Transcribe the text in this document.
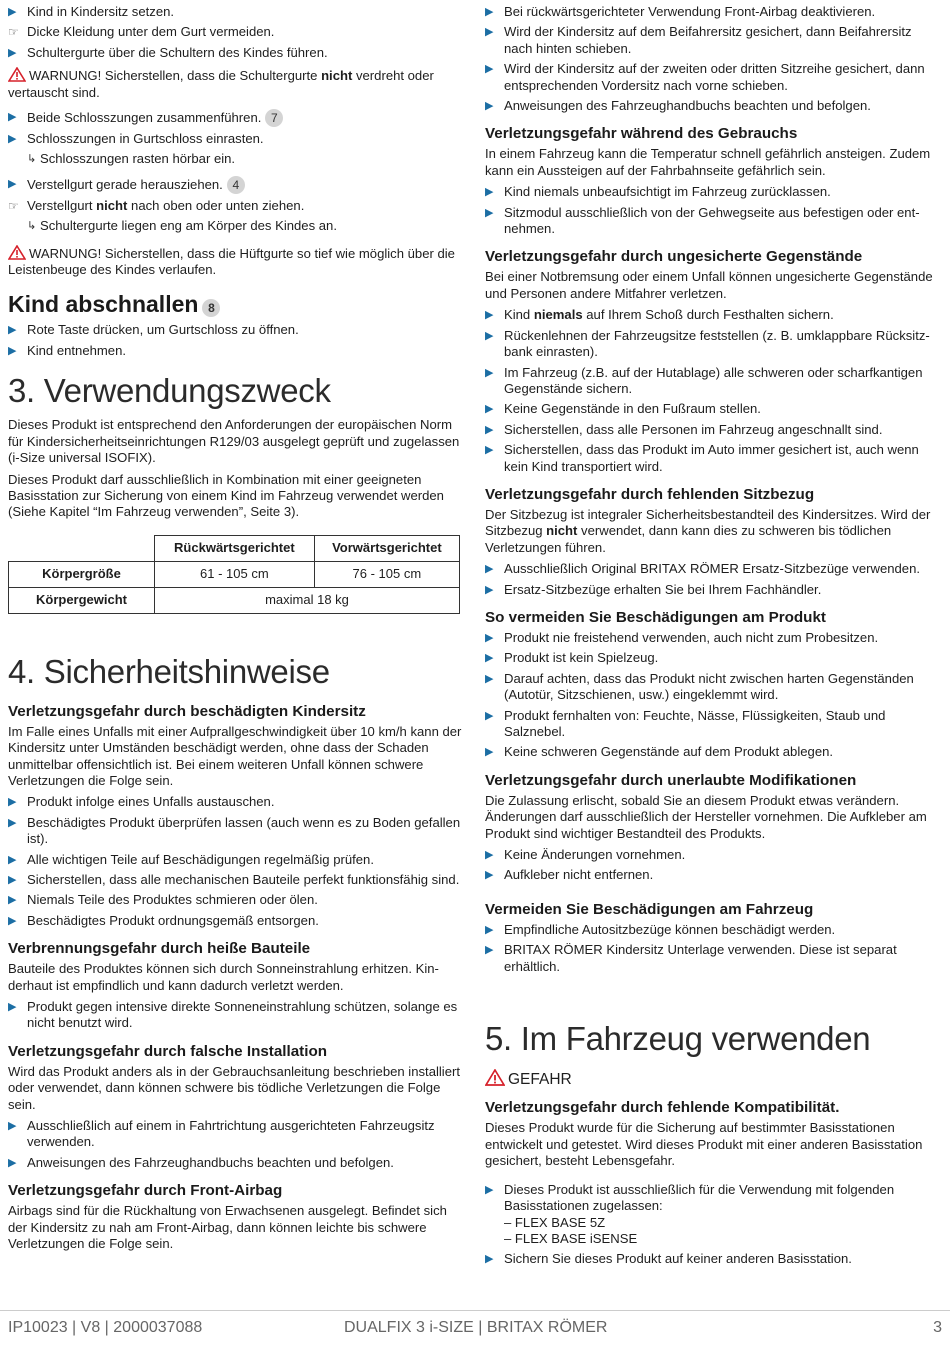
▶ Kind in Kindersitz setzen.
☞ Dicke Kleidung unter dem Gurt vermeiden.
▶ Schultergurte über die Schultern des Kindes führen.

WARNUNG! Sicherstellen, dass die Schultergurte nicht verdreht oder vertauscht sind.

▶ Beide Schlosszungen zusammenführen. 7
▶ Schlosszungen in Gurtschloss einrasten.
↳ Schlosszungen rasten hörbar ein.
▶ Verstellgurt gerade herausziehen. 4
☞ Verstellgurt nicht nach oben oder unten ziehen.
↳ Schultergurte liegen eng am Körper des Kindes an.

WARNUNG! Sicherstellen, dass die Hüftgurte so tief wie möglich über die Leistenbeuge des Kindes verlaufen.

Kind abschnallen 8
▶ Rote Taste drücken, um Gurtschloss zu öffnen.
▶ Kind entnehmen.
3. Verwendungszweck

Dieses Produkt ist entsprechend den Anforderungen der europäischen Norm für Kindersicherheitseinrichtungen R129/03 ausgelegt geprüft und zugelassen (i-Size universal ISOFIX).

Dieses Produkt darf ausschließlich in Kombination mit einer geeigneten Basisstation zur Sicherung von einem Kind im Fahrzeug verwendet werden (Siehe Kapitel “Im Fahrzeug verwenden”, Seite 3).

	Rückwärtsgerichtet	Vorwärtsgerichtet
Körpergröße	61 - 105 cm	76 - 105 cm
Körpergewicht	maximal 18 kg	
4. Sicherheitshinweise
Verletzungsgefahr durch beschädigten Kindersitz

Im Falle eines Unfalls mit einer Aufprallgeschwindigkeit über 10 km/h kann der Kindersitz unter Umständen beschädigt werden, ohne dass der Schaden unmittelbar offensichtlich ist. Bei einem weiteren Unfall können schwere Verletzungen die Folge sein.

▶ Produkt infolge eines Unfalls austauschen.
▶ Beschädigtes Produkt überprüfen lassen (auch wenn es zu Boden gefallen ist).
▶ Alle wichtigen Teile auf Beschädigungen regelmäßig prüfen.
▶ Sicherstellen, dass alle mechanischen Bauteile perfekt funktionsfähig sind.
▶ Niemals Teile des Produktes schmieren oder ölen.
▶ Beschädigtes Produkt ordnungsgemäß entsorgen.
Verbrennungsgefahr durch heiße Bauteile

Bauteile des Produktes können sich durch Sonneinstrahlung erhitzen. Kinderhaut ist empfindlich und kann dadurch verletzt werden.

▶ Produkt gegen intensive direkte Sonneneinstrahlung schützen, solange es nicht benutzt wird.
Verletzungsgefahr durch falsche Installation

Wird das Produkt anders als in der Gebrauchsanleitung beschrieben installiert oder verwendet, dann können schwere bis tödliche Verletzungen die Folge sein.

▶ Ausschließlich auf einem in Fahrtrichtung ausgerichteten Fahrzeugsitz verwenden.
▶ Anweisungen des Fahrzeughandbuchs beachten und befolgen.
Verletzungsgefahr durch Front-Airbag

Airbags sind für die Rückhaltung von Erwachsenen ausgelegt. Befindet sich der Kindersitz zu nah am Front-Airbag, dann können leichte bis schwere Verletzungen die Folge sein.

▶ Bei rückwärtsgerichteter Verwendung Front-Airbag deaktivieren.
▶ Wird der Kindersitz auf dem Beifahrersitz gesichert, dann Beifahrersitz nach hinten schieben.
▶ Wird der Kindersitz auf der zweiten oder dritten Sitzreihe gesichert, dann entsprechenden Vordersitz nach vorne schieben.
▶ Anweisungen des Fahrzeughandbuchs beachten und befolgen.
Verletzungsgefahr während des Gebrauchs

In einem Fahrzeug kann die Temperatur schnell gefährlich ansteigen. Zudem kann ein Aussteigen auf der Fahrbahnseite gefährlich sein.

▶ Kind niemals unbeaufsichtigt im Fahrzeug zurücklassen.
▶ Sitzmodul ausschließlich von der Gehwegseite aus befestigen oder entnehmen.
Verletzungsgefahr durch ungesicherte Gegenstände

Bei einer Notbremsung oder einem Unfall können ungesicherte Gegenstände und Personen andere Mitfahrer verletzen.

▶ Kind niemals auf Ihrem Schoß durch Festhalten sichern.
▶ Rückenlehnen der Fahrzeugsitze feststellen (z. B. umklappbare Rücksitzbank einrasten).
▶ Im Fahrzeug (z.B. auf der Hutablage) alle schweren oder scharfkantigen Gegenstände sichern.
▶ Keine Gegenstände in den Fußraum stellen.
▶ Sicherstellen, dass alle Personen im Fahrzeug angeschnallt sind.
▶ Sicherstellen, dass das Produkt im Auto immer gesichert ist, auch wenn kein Kind transportiert wird.
Verletzungsgefahr durch fehlenden Sitzbezug

Der Sitzbezug ist integraler Sicherheitsbestandteil des Kindersitzes. Wird der Sitzbezug nicht verwendet, dann kann dies zu schweren bis tödlichen Verletzungen führen.

▶ Ausschließlich Original BRITAX RÖMER Ersatz-Sitzbezüge verwenden.
▶ Ersatz-Sitzbezüge erhalten Sie bei Ihrem Fachhändler.
So vermeiden Sie Beschädigungen am Produkt
▶ Produkt nie freistehend verwenden, auch nicht zum Probesitzen.
▶ Produkt ist kein Spielzeug.
▶ Darauf achten, dass das Produkt nicht zwischen harten Gegenständen (Autotür, Sitzschienen, usw.) eingeklemmt wird.
▶ Produkt fernhalten von: Feuchte, Nässe, Flüssigkeiten, Staub und Salznebel.
▶ Keine schweren Gegenstände auf dem Produkt ablegen.
Verletzungsgefahr durch unerlaubte Modifikationen

Die Zulassung erlischt, sobald Sie an diesem Produkt etwas verändern. Änderungen darf ausschließlich der Hersteller vornehmen. Die Aufkleber am Produkt sind wichtiger Bestandteil des Produkts.

▶ Keine Änderungen vornehmen.
▶ Aufkleber nicht entfernen.
Vermeiden Sie Beschädigungen am Fahrzeug
▶ Empfindliche Autositzbezüge können beschädigt werden.
▶ BRITAX RÖMER Kindersitz Unterlage verwenden. Diese ist separat erhältlich.
5. Im Fahrzeug verwenden

GEFAHR

Verletzungsgefahr durch fehlende Kompatibilität.

Dieses Produkt wurde für die Sicherung auf bestimmter Basisstationen entwickelt und getestet. Wird dieses Produkt mit einer anderen Basisstation gesichert, besteht Lebensgefahr.

▶ Dieses Produkt ist ausschließlich für die Verwendung mit folgenden Basisstationen zugelassen:
– FLEX BASE 5Z
– FLEX BASE iSENSE
▶ Sichern Sie dieses Produkt auf keiner anderen Basisstation.
IP10023 | V8 | 2000037088	DUALFIX 3 i-SIZE | BRITAX RÖMER	3
